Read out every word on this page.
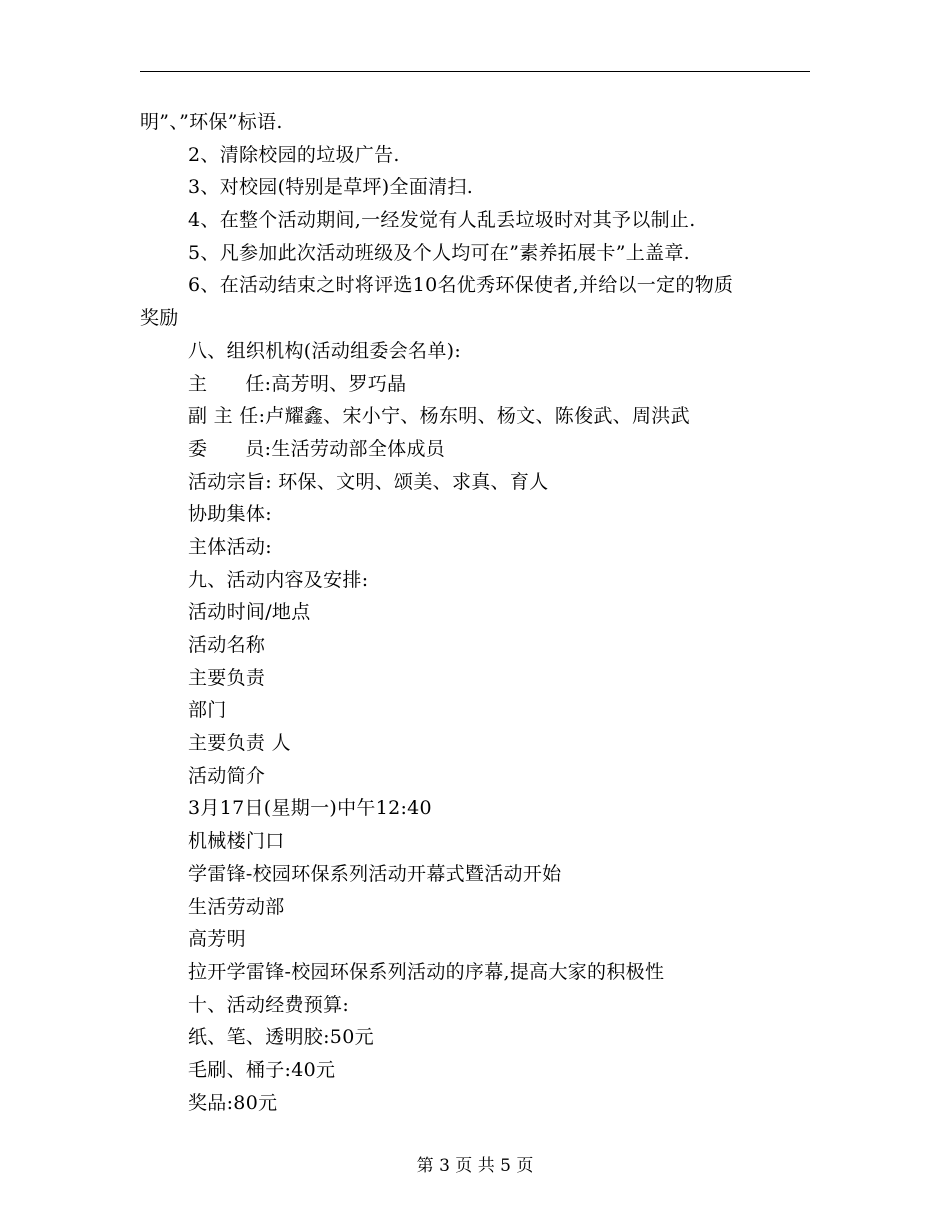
明”、”环保”标语.
2、清除校园的垃圾广告.
3、对校园(特别是草坪)全面清扫.
4、在整个活动期间,一经发觉有人乱丢垃圾时对其予以制止.
5、凡参加此次活动班级及个人均可在”素养拓展卡”上盖章.
6、在活动结束之时将评选10名优秀环保使者,并给以一定的物质
奖励
八、组织机构(活动组委会名单):
主      任:高芳明、罗巧晶
副 主 任:卢耀鑫、宋小宁、杨东明、杨文、陈俊武、周洪武
委      员:生活劳动部全体成员
活动宗旨: 环保、文明、颂美、求真、育人
协助集体:
主体活动:
九、活动内容及安排:
活动时间/地点
活动名称
主要负责
部门
主要负责 人
活动简介
3月17日(星期一)中午12:40
机械楼门口
学雷锋-校园环保系列活动开幕式暨活动开始
生活劳动部
高芳明
拉开学雷锋-校园环保系列活动的序幕,提高大家的积极性
十、活动经费预算:
纸、笔、透明胶:50元
毛刷、桶子:40元
奖品:80元
第 3 页 共 5 页
